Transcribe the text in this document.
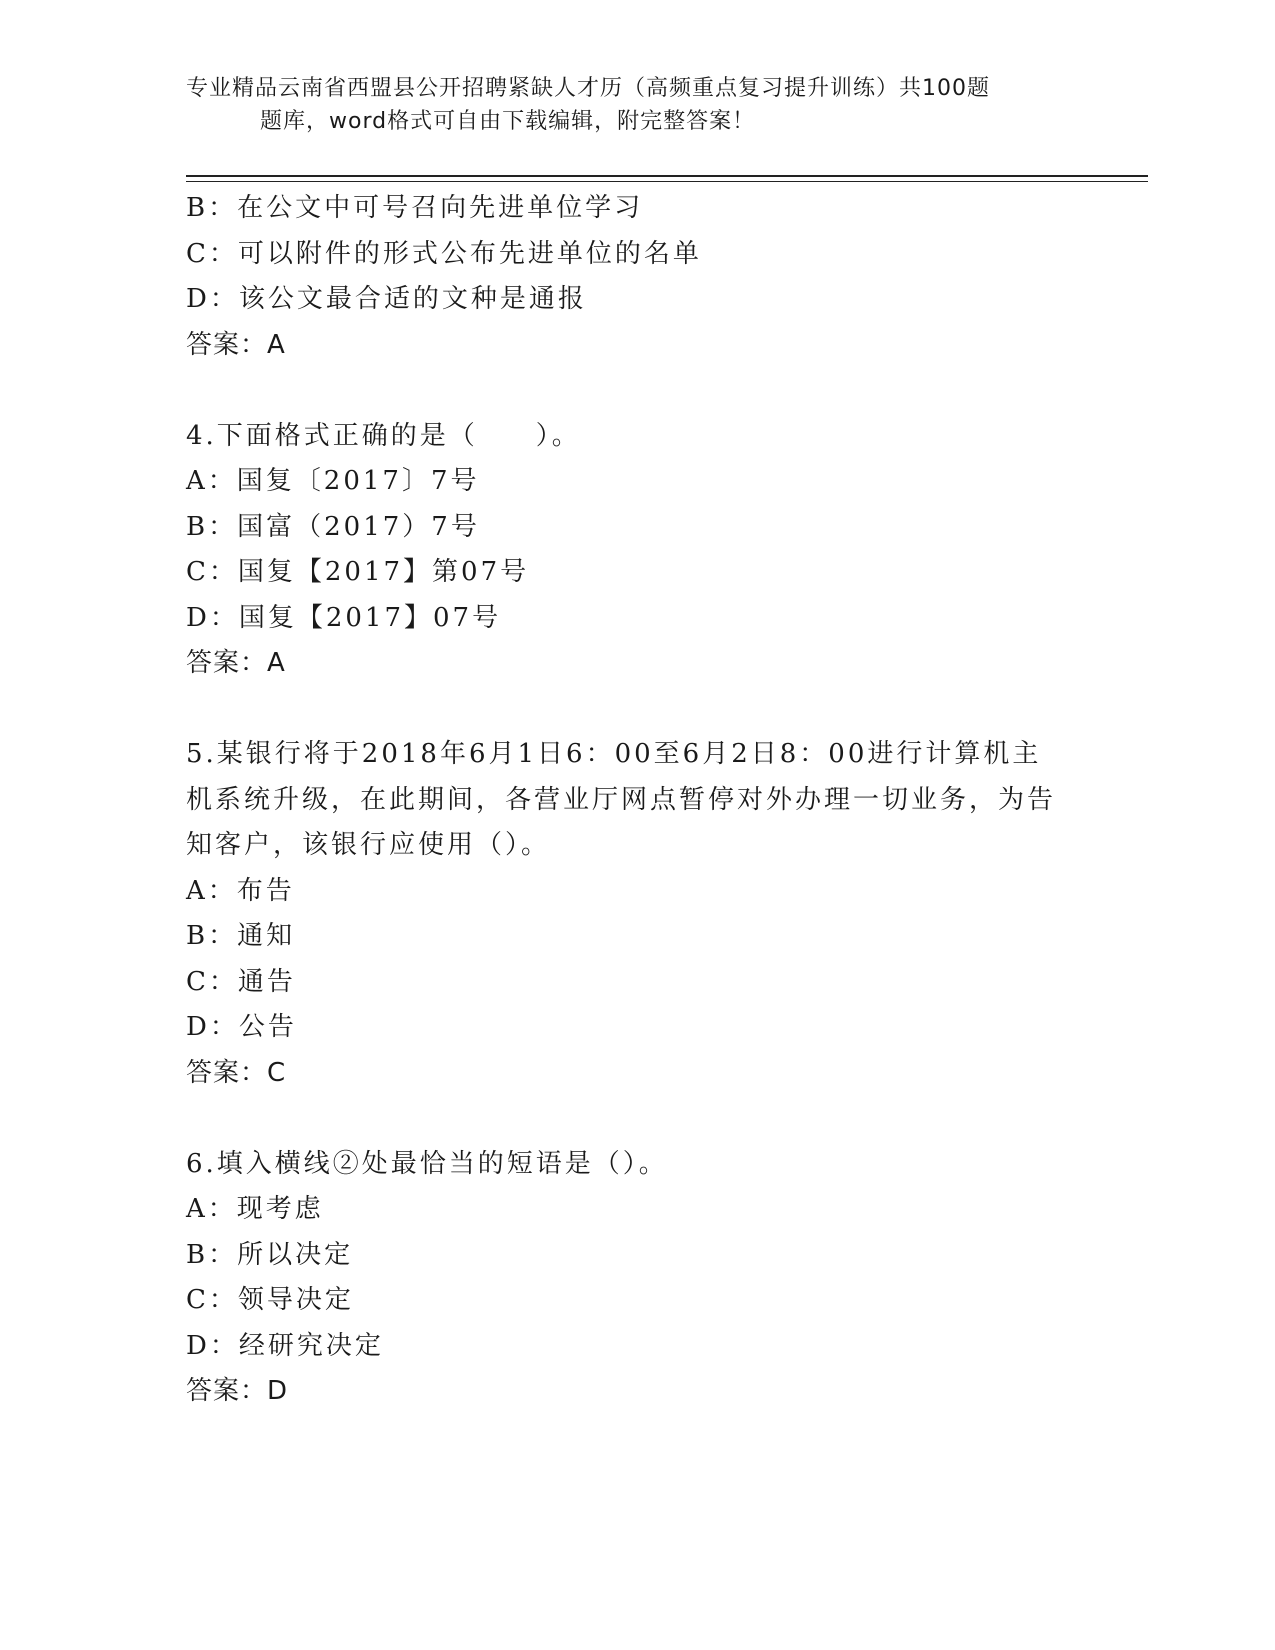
专业精品云南省西盟县公开招聘紧缺人才历（高频重点复习提升训练）共100题
题库，word格式可自由下载编辑，附完整答案！
B：在公文中可号召向先进单位学习
C：可以附件的形式公布先进单位的名单
D：该公文最合适的文种是通报
答案：A
4.下面格式正确的是（　　）。
A：国复〔2017〕7号
B：国富（2017）7号
C：国复【2017】第07号
D：国复【2017】07号
答案：A
5.某银行将于2018年6月1日6：00至6月2日8：00进行计算机主
机系统升级，在此期间，各营业厅网点暂停对外办理一切业务，为告
知客户，该银行应使用（）。
A：布告
B：通知
C：通告
D：公告
答案：C
6.填入横线②处最恰当的短语是（）。
A：现考虑
B：所以决定
C：领导决定
D：经研究决定
答案：D
